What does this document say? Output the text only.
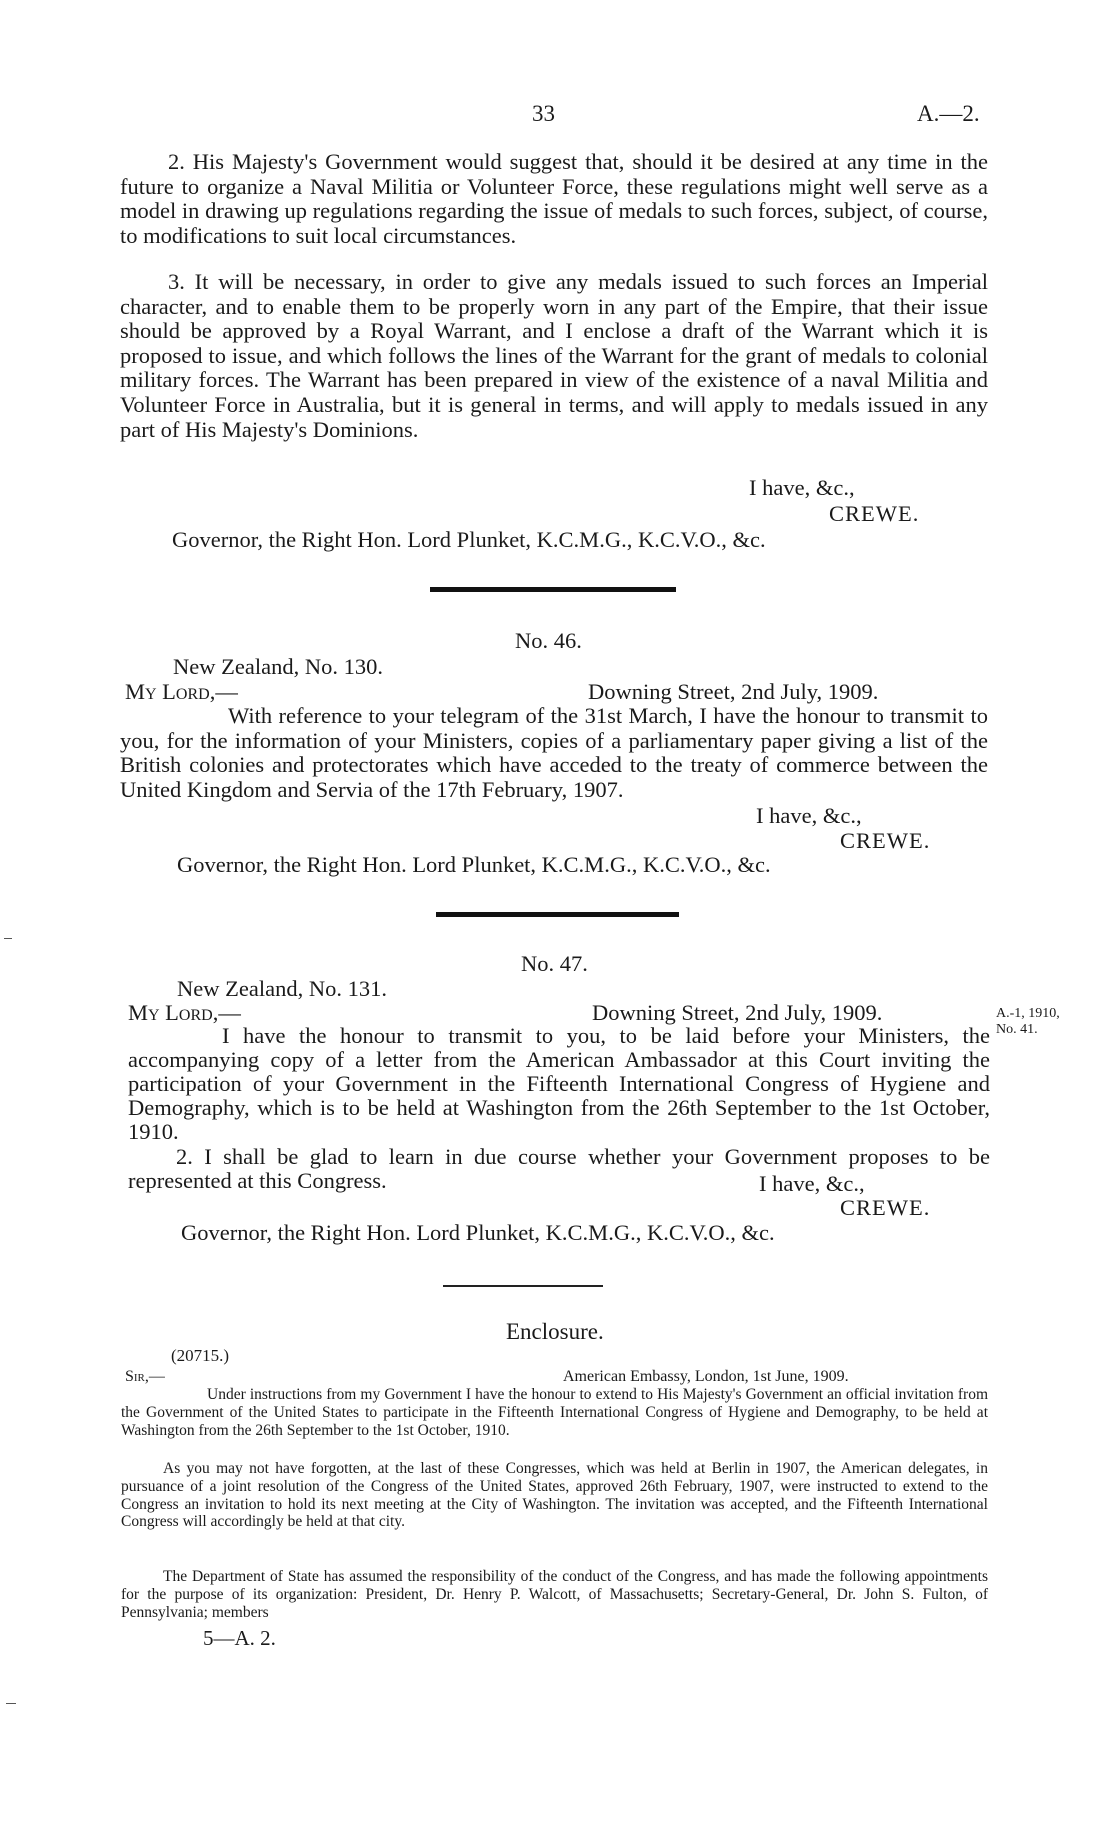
33	A.—2.
2. His Majesty's Government would suggest that, should it be desired at any time in the future to organize a Naval Militia or Volunteer Force, these regulations might well serve as a model in drawing up regulations regarding the issue of medals to such forces, subject, of course, to modifications to suit local circumstances.
3. It will be necessary, in order to give any medals issued to such forces an Imperial character, and to enable them to be properly worn in any part of the Empire, that their issue should be approved by a Royal Warrant, and I enclose a draft of the Warrant which it is proposed to issue, and which follows the lines of the Warrant for the grant of medals to colonial military forces. The Warrant has been prepared in view of the existence of a naval Militia and Volunteer Force in Australia, but it is general in terms, and will apply to medals issued in any part of His Majesty's Dominions.
I have, &c.,
CREWE.
Governor, the Right Hon. Lord Plunket, K.C.M.G., K.C.V.O., &c.
No. 46.
New Zealand, No. 130.
My Lord,—	Downing Street, 2nd July, 1909.
With reference to your telegram of the 31st March, I have the honour to transmit to you, for the information of your Ministers, copies of a parliamentary paper giving a list of the British colonies and protectorates which have acceded to the treaty of commerce between the United Kingdom and Servia of the 17th February, 1907.
I have, &c.,
CREWE.
Governor, the Right Hon. Lord Plunket, K.C.M.G., K.C.V.O., &c.
No. 47.
New Zealand, No. 131.
My Lord,—	Downing Street, 2nd July, 1909.	A.-1, 1910,
No. 41.
I have the honour to transmit to you, to be laid before your Ministers, the accompanying copy of a letter from the American Ambassador at this Court inviting the participation of your Government in the Fifteenth International Congress of Hygiene and Demography, which is to be held at Washington from the 26th September to the 1st October, 1910.
2. I shall be glad to learn in due course whether your Government proposes to be represented at this Congress.	I have, &c.,
CREWE.
Governor, the Right Hon. Lord Plunket, K.C.M.G., K.C.V.O., &c.
Enclosure.
(20715.)
Sir,—	American Embassy, London, 1st June, 1909.
Under instructions from my Government I have the honour to extend to His Majesty's Government an official invitation from the Government of the United States to participate in the Fifteenth International Congress of Hygiene and Demography, to be held at Washington from the 26th September to the 1st October, 1910.
As you may not have forgotten, at the last of these Congresses, which was held at Berlin in 1907, the American delegates, in pursuance of a joint resolution of the Congress of the United States, approved 26th February, 1907, were instructed to extend to the Congress an invitation to hold its next meeting at the City of Washington. The invitation was accepted, and the Fifteenth International Congress will accordingly be held at that city.
The Department of State has assumed the responsibility of the conduct of the Congress, and has made the following appointments for the purpose of its organization: President, Dr. Henry P. Walcott, of Massachusetts; Secretary-General, Dr. John S. Fulton, of Pennsylvania; members
5—A. 2.
